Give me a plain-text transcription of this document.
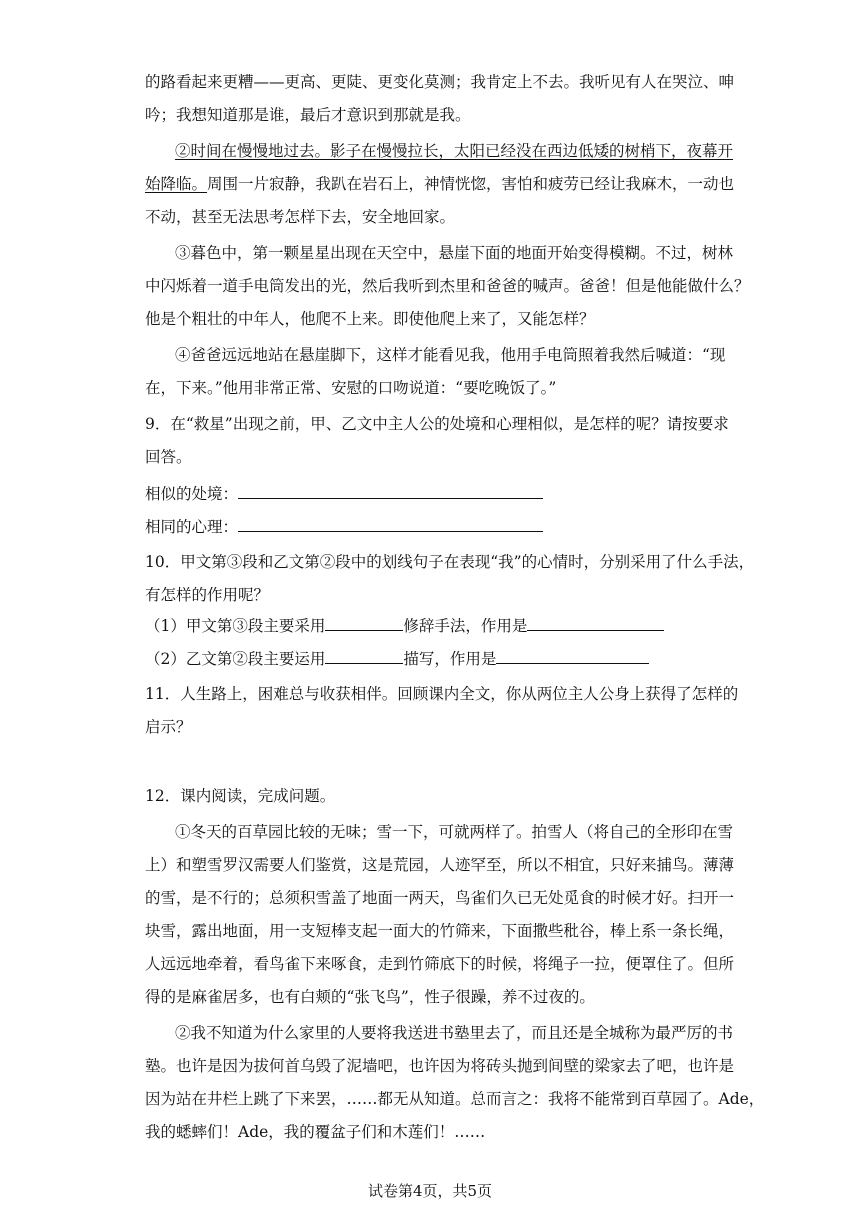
的路看起来更糟——更高、更陡、更变化莫测；我肯定上不去。我听见有人在哭泣、呻
吟；我想知道那是谁，最后才意识到那就是我。
②时间在慢慢地过去。影子在慢慢拉长，太阳已经没在西边低矮的树梢下，夜幕开
始降临。周围一片寂静，我趴在岩石上，神情恍惚，害怕和疲劳已经让我麻木，一动也
不动，甚至无法思考怎样下去，安全地回家。
③暮色中，第一颗星星出现在天空中，悬崖下面的地面开始变得模糊。不过，树林
中闪烁着一道手电筒发出的光，然后我听到杰里和爸爸的喊声。爸爸！但是他能做什么？
他是个粗壮的中年人，他爬不上来。即使他爬上来了，又能怎样？
④爸爸远远地站在悬崖脚下，这样才能看见我，他用手电筒照着我然后喊道：“现
在，下来。”他用非常正常、安慰的口吻说道：“要吃晚饭了。”
9．在“救星”出现之前，甲、乙文中主人公的处境和心理相似，是怎样的呢？请按要求
回答。
相似的处境：
相同的心理：
10．甲文第③段和乙文第②段中的划线句子在表现“我”的心情时，分别采用了什么手法，
有怎样的作用呢？
（1）甲文第③段主要采用	修辞手法，作用是
（2）乙文第②段主要运用	描写，作用是
11．人生路上，困难总与收获相伴。回顾课内全文，你从两位主人公身上获得了怎样的
启示？
12．课内阅读，完成问题。
①冬天的百草园比较的无味；雪一下，可就两样了。拍雪人（将自己的全形印在雪
上）和塑雪罗汉需要人们鉴赏，这是荒园，人迹罕至，所以不相宜，只好来捕鸟。薄薄
的雪，是不行的；总须积雪盖了地面一两天，鸟雀们久已无处觅食的时候才好。扫开一
块雪，露出地面，用一支短棒支起一面大的竹筛来，下面撒些秕谷，棒上系一条长绳，
人远远地牵着，看鸟雀下来啄食，走到竹筛底下的时候，将绳子一拉，便罩住了。但所
得的是麻雀居多，也有白颊的“张飞鸟”，性子很躁，养不过夜的。
②我不知道为什么家里的人要将我送进书塾里去了，而且还是全城称为最严厉的书
塾。也许是因为拔何首乌毁了泥墙吧，也许因为将砖头抛到间壁的梁家去了吧，也许是
因为站在井栏上跳了下来罢，……都无从知道。总而言之：我将不能常到百草园了。Ade，
我的蟋蟀们！Ade，我的覆盆子们和木莲们！……
试卷第4页，共5页
